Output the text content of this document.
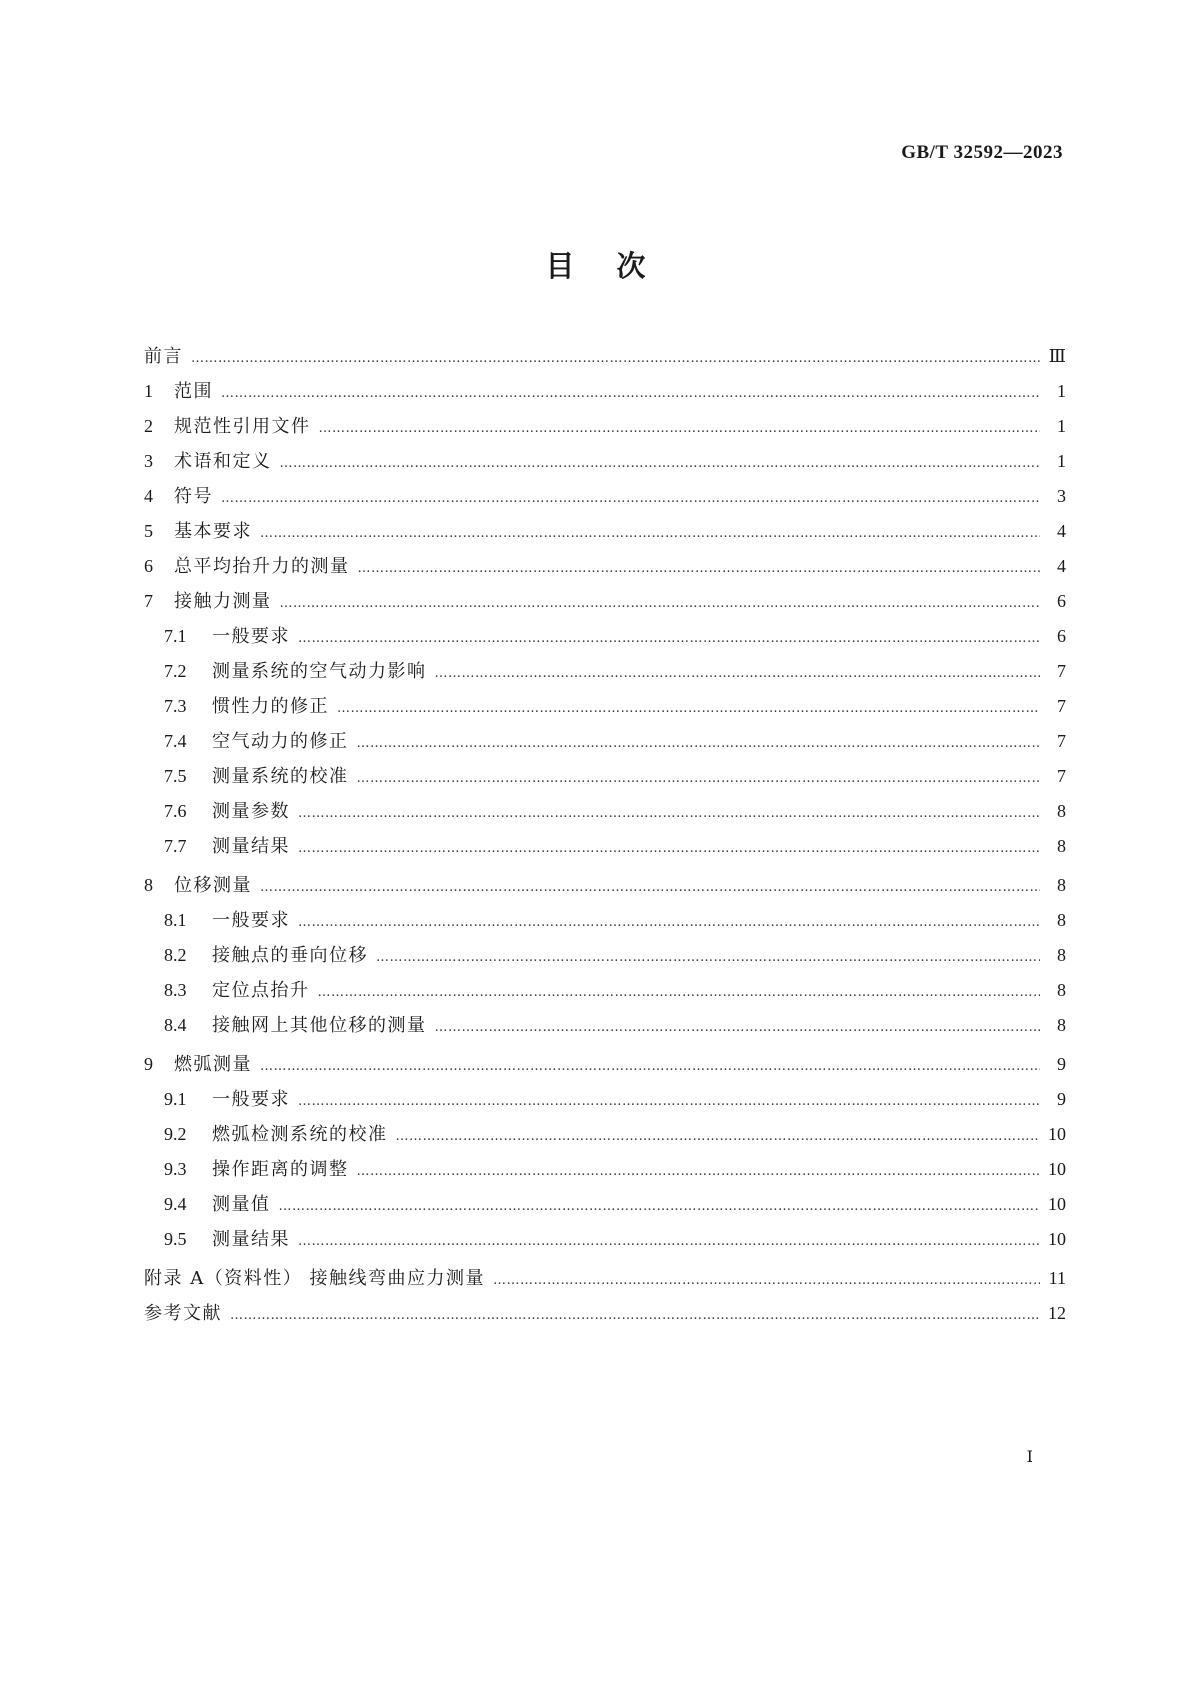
GB/T 32592—2023
目次
前言 ……………………………………………………………………………………………………………………………………………………………………………………………………………………………………………………	Ⅲ
1	范围 ……………………………………………………………………………………………………………………………………………………………………………………………………………………………………………………	1
2	规范性引用文件 ……………………………………………………………………………………………………………………………………………………………………………………………………………………………………………………	1
3	术语和定义 ……………………………………………………………………………………………………………………………………………………………………………………………………………………………………………………	1
4	符号 ……………………………………………………………………………………………………………………………………………………………………………………………………………………………………………………	3
5	基本要求 ……………………………………………………………………………………………………………………………………………………………………………………………………………………………………………………	4
6	总平均抬升力的测量 ……………………………………………………………………………………………………………………………………………………………………………………………………………………………………………………	4
7	接触力测量 ……………………………………………………………………………………………………………………………………………………………………………………………………………………………………………………	6
7.1	一般要求 ……………………………………………………………………………………………………………………………………………………………………………………………………………………………………………………	6
7.2	测量系统的空气动力影响 ……………………………………………………………………………………………………………………………………………………………………………………………………………………………………………………	7
7.3	惯性力的修正 ……………………………………………………………………………………………………………………………………………………………………………………………………………………………………………………	7
7.4	空气动力的修正 ……………………………………………………………………………………………………………………………………………………………………………………………………………………………………………………	7
7.5	测量系统的校准 ……………………………………………………………………………………………………………………………………………………………………………………………………………………………………………………	7
7.6	测量参数 ……………………………………………………………………………………………………………………………………………………………………………………………………………………………………………………	8
7.7	测量结果 ……………………………………………………………………………………………………………………………………………………………………………………………………………………………………………………	8
8	位移测量 ……………………………………………………………………………………………………………………………………………………………………………………………………………………………………………………	8
8.1	一般要求 ……………………………………………………………………………………………………………………………………………………………………………………………………………………………………………………	8
8.2	接触点的垂向位移 ……………………………………………………………………………………………………………………………………………………………………………………………………………………………………………………	8
8.3	定位点抬升 ……………………………………………………………………………………………………………………………………………………………………………………………………………………………………………………	8
8.4	接触网上其他位移的测量 ……………………………………………………………………………………………………………………………………………………………………………………………………………………………………………………	8
9	燃弧测量 ……………………………………………………………………………………………………………………………………………………………………………………………………………………………………………………	9
9.1	一般要求 ……………………………………………………………………………………………………………………………………………………………………………………………………………………………………………………	9
9.2	燃弧检测系统的校准 ……………………………………………………………………………………………………………………………………………………………………………………………………………………………………………………	10
9.3	操作距离的调整 ……………………………………………………………………………………………………………………………………………………………………………………………………………………………………………………	10
9.4	测量值 ……………………………………………………………………………………………………………………………………………………………………………………………………………………………………………………	10
9.5	测量结果 ……………………………………………………………………………………………………………………………………………………………………………………………………………………………………………………	10
附录 A（资料性） 接触线弯曲应力测量 ……………………………………………………………………………………………………………………………………………………………………………………………………………………………………………………	11
参考文献 ……………………………………………………………………………………………………………………………………………………………………………………………………………………………………………………	12
Ⅰ
